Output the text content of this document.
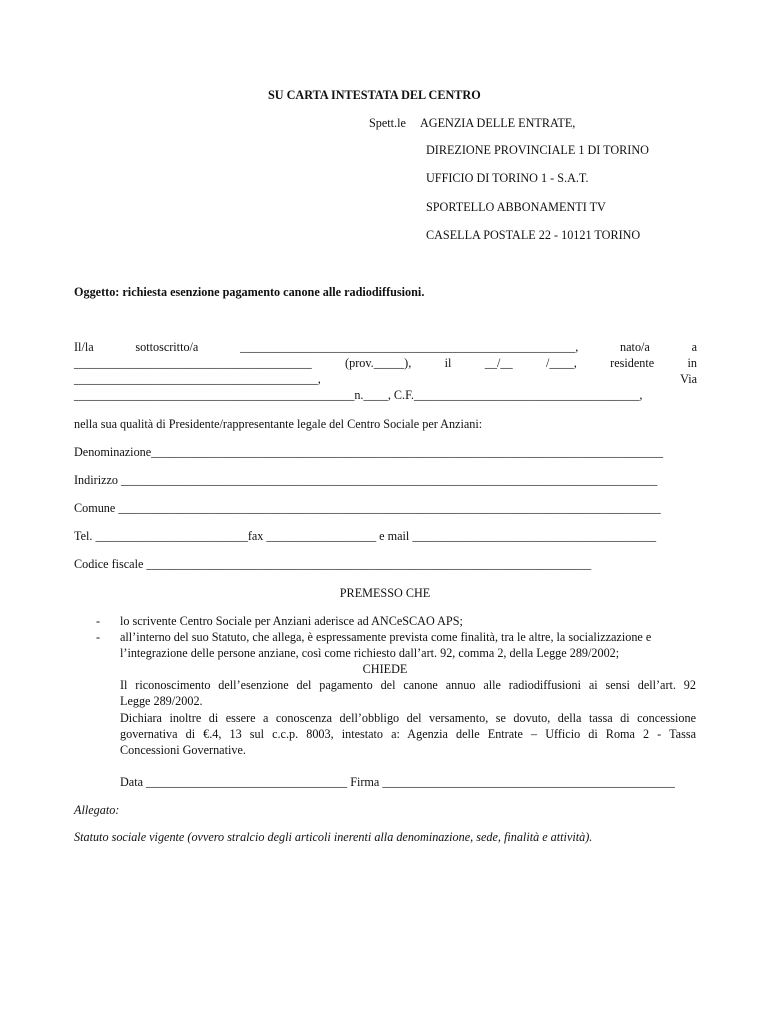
SU CARTA INTESTATA DEL CENTRO
Spett.le AGENZIA DELLE ENTRATE,
DIREZIONE PROVINCIALE 1 DI TORINO
UFFICIO DI TORINO 1 - S.A.T.
SPORTELLO ABBONAMENTI TV
CASELLA POSTALE 22 - 10121 TORINO
Oggetto: richiesta esenzione pagamento canone alle radiodiffusioni.
Il/la sottoscritto/a _______________________________________________________, nato/a a
_______________________________________ (prov._____), il __/__ /____, residente in
________________________________________, Via
______________________________________________n.____, C.F._____________________________________,
nella sua qualità di Presidente/rappresentante legale del Centro Sociale per Anziani:
Denominazione____________________________________________________________________________________
Indirizzo ________________________________________________________________________________________
Comune _________________________________________________________________________________________
Tel. _________________________fax __________________ e mail ________________________________________
Codice fiscale _________________________________________________________________________
PREMESSO CHE
- lo scrivente Centro Sociale per Anziani aderisce ad ANCeSCAO APS;
- all’interno del suo Statuto, che allega, è espressamente prevista come finalità, tra le altre, la socializzazione e
l’integrazione delle persone anziane, così come richiesto dall’art. 92, comma 2, della Legge 289/2002;
CHIEDE
Il riconoscimento dell’esenzione del pagamento del canone annuo alle radiodiffusioni ai sensi dell’art. 92
Legge 289/2002.
Dichiara inoltre di essere a conoscenza dell’obbligo del versamento, se dovuto, della tassa di concessione
governativa di €.4, 13 sul c.c.p. 8003, intestato a: Agenzia delle Entrate – Ufficio di Roma 2 - Tassa
Concessioni Governative.
Data _________________________________ Firma ________________________________________________
Allegato:
Statuto sociale vigente (ovvero stralcio degli articoli inerenti alla denominazione, sede, finalità e attività).
